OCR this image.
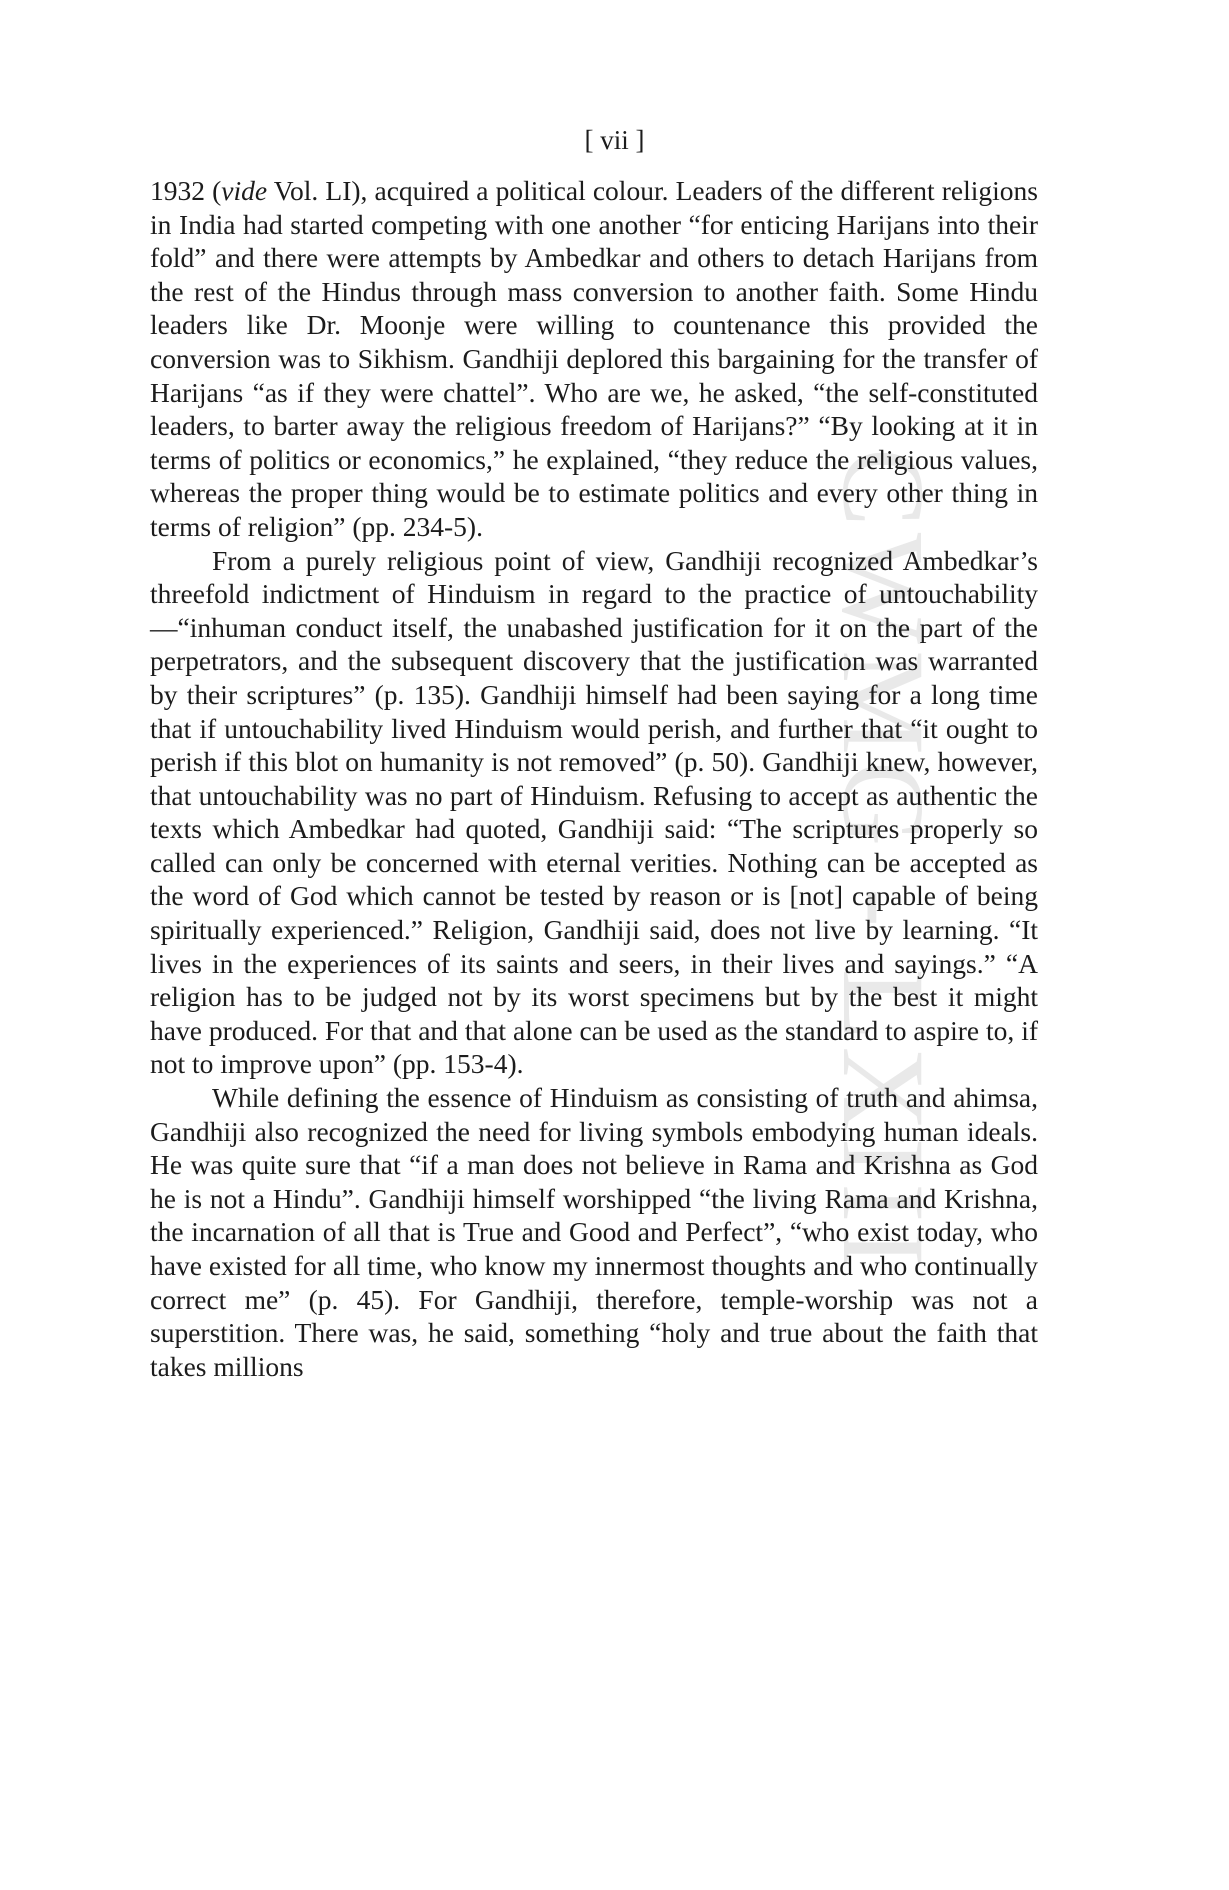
CWMG - LXIII
[ vii ]

1932 (vide Vol. LI), acquired a political colour. Leaders of the different religions in India had started competing with one another “for enticing Harijans into their fold” and there were attempts by Ambedkar and others to detach Harijans from the rest of the Hindus through mass conversion to another faith. Some Hindu leaders like Dr. Moonje were willing to countenance this provided the conversion was to Sikhism. Gandhiji deplored this bargaining for the transfer of Harijans “as if they were chattel”. Who are we, he asked, “the self-constituted leaders, to barter away the religious freedom of Harijans?” “By looking at it in terms of politics or economics,” he explained, “they reduce the religious values, whereas the proper thing would be to estimate politics and every other thing in terms of religion” (pp. 234-5).

From a purely religious point of view, Gandhiji recognized Ambedkar’s threefold indictment of Hinduism in regard to the practice of untouchability—“inhuman conduct itself, the unabashed justification for it on the part of the perpetrators, and the subsequent discovery that the justification was warranted by their scriptures” (p. 135). Gandhiji himself had been saying for a long time that if untouchability lived Hinduism would perish, and further that “it ought to perish if this blot on humanity is not removed” (p. 50). Gandhiji knew, however, that untouchability was no part of Hinduism. Refusing to accept as authentic the texts which Ambedkar had quoted, Gandhiji said: “The scriptures properly so called can only be concerned with eternal verities. Nothing can be accepted as the word of God which cannot be tested by reason or is [not] capable of being spiritually experienced.” Religion, Gandhiji said, does not live by learning. “It lives in the experiences of its saints and seers, in their lives and sayings.” “A religion has to be judged not by its worst specimens but by the best it might have produced. For that and that alone can be used as the standard to aspire to, if not to improve upon” (pp. 153-4).

While defining the essence of Hinduism as consisting of truth and ahimsa, Gandhiji also recognized the need for living symbols embodying human ideals. He was quite sure that “if a man does not believe in Rama and Krishna as God he is not a Hindu”. Gandhiji himself worshipped “the living Rama and Krishna, the incarnation of all that is True and Good and Perfect”, “who exist today, who have existed for all time, who know my innermost thoughts and who continually correct me” (p. 45). For Gandhiji, therefore, temple-worship was not a superstition. There was, he said, something “holy and true about the faith that takes millions
